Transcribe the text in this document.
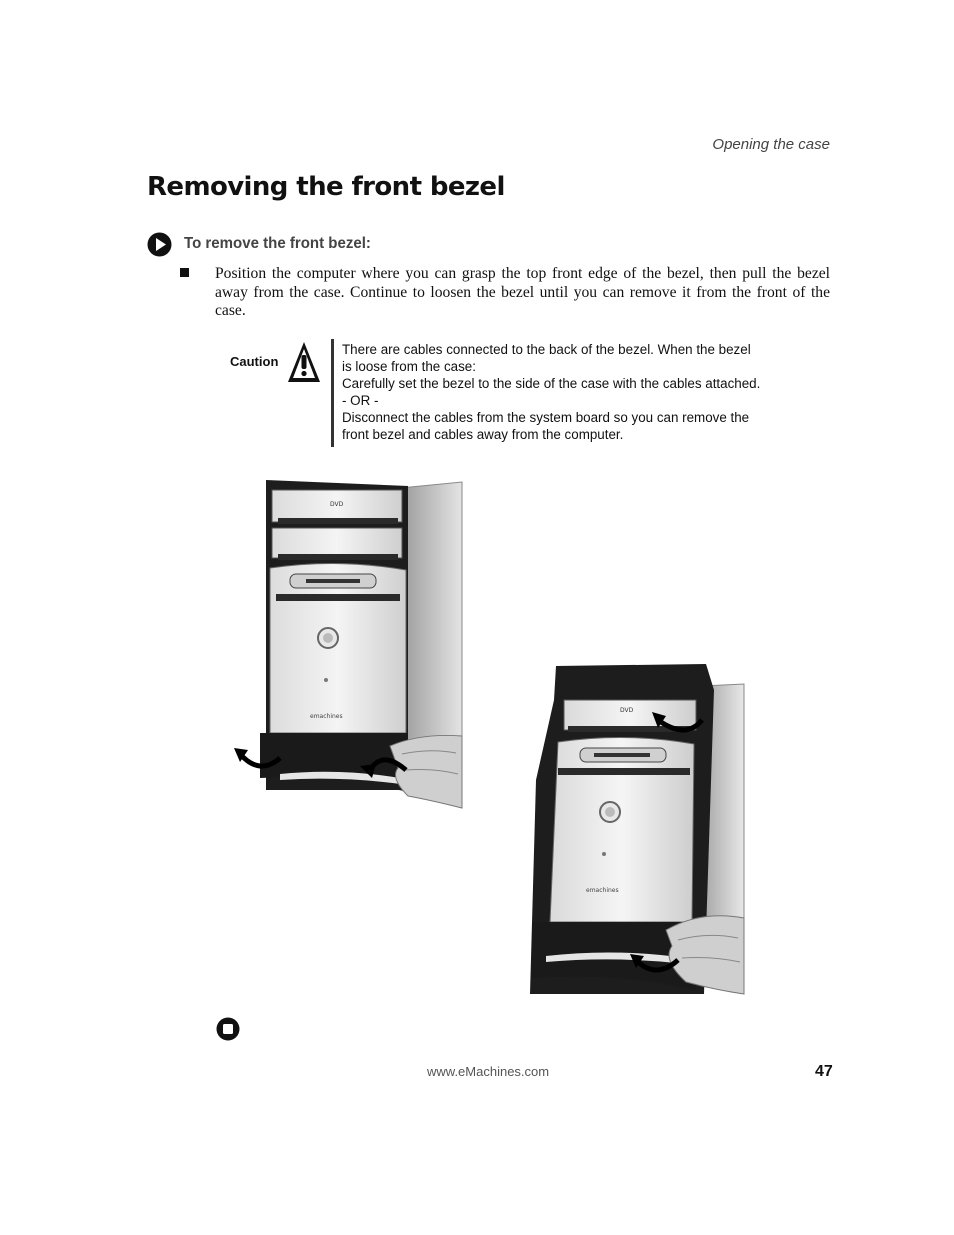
Opening the case
Removing the front bezel
To remove the front bezel:
Position the computer where you can grasp the top front edge of the bezel, then pull the bezel away from the case. Continue to loosen the bezel until you can remove it from the front of the case.
Caution
There are cables connected to the back of the bezel. When the bezel
is loose from the case:
Carefully set the bezel to the side of the case with the cables attached.
- OR -
Disconnect the cables from the system board so you can remove the
front bezel and cables away from the computer.
DVD
emachines
DVD
emachines
www.eMachines.com	47
